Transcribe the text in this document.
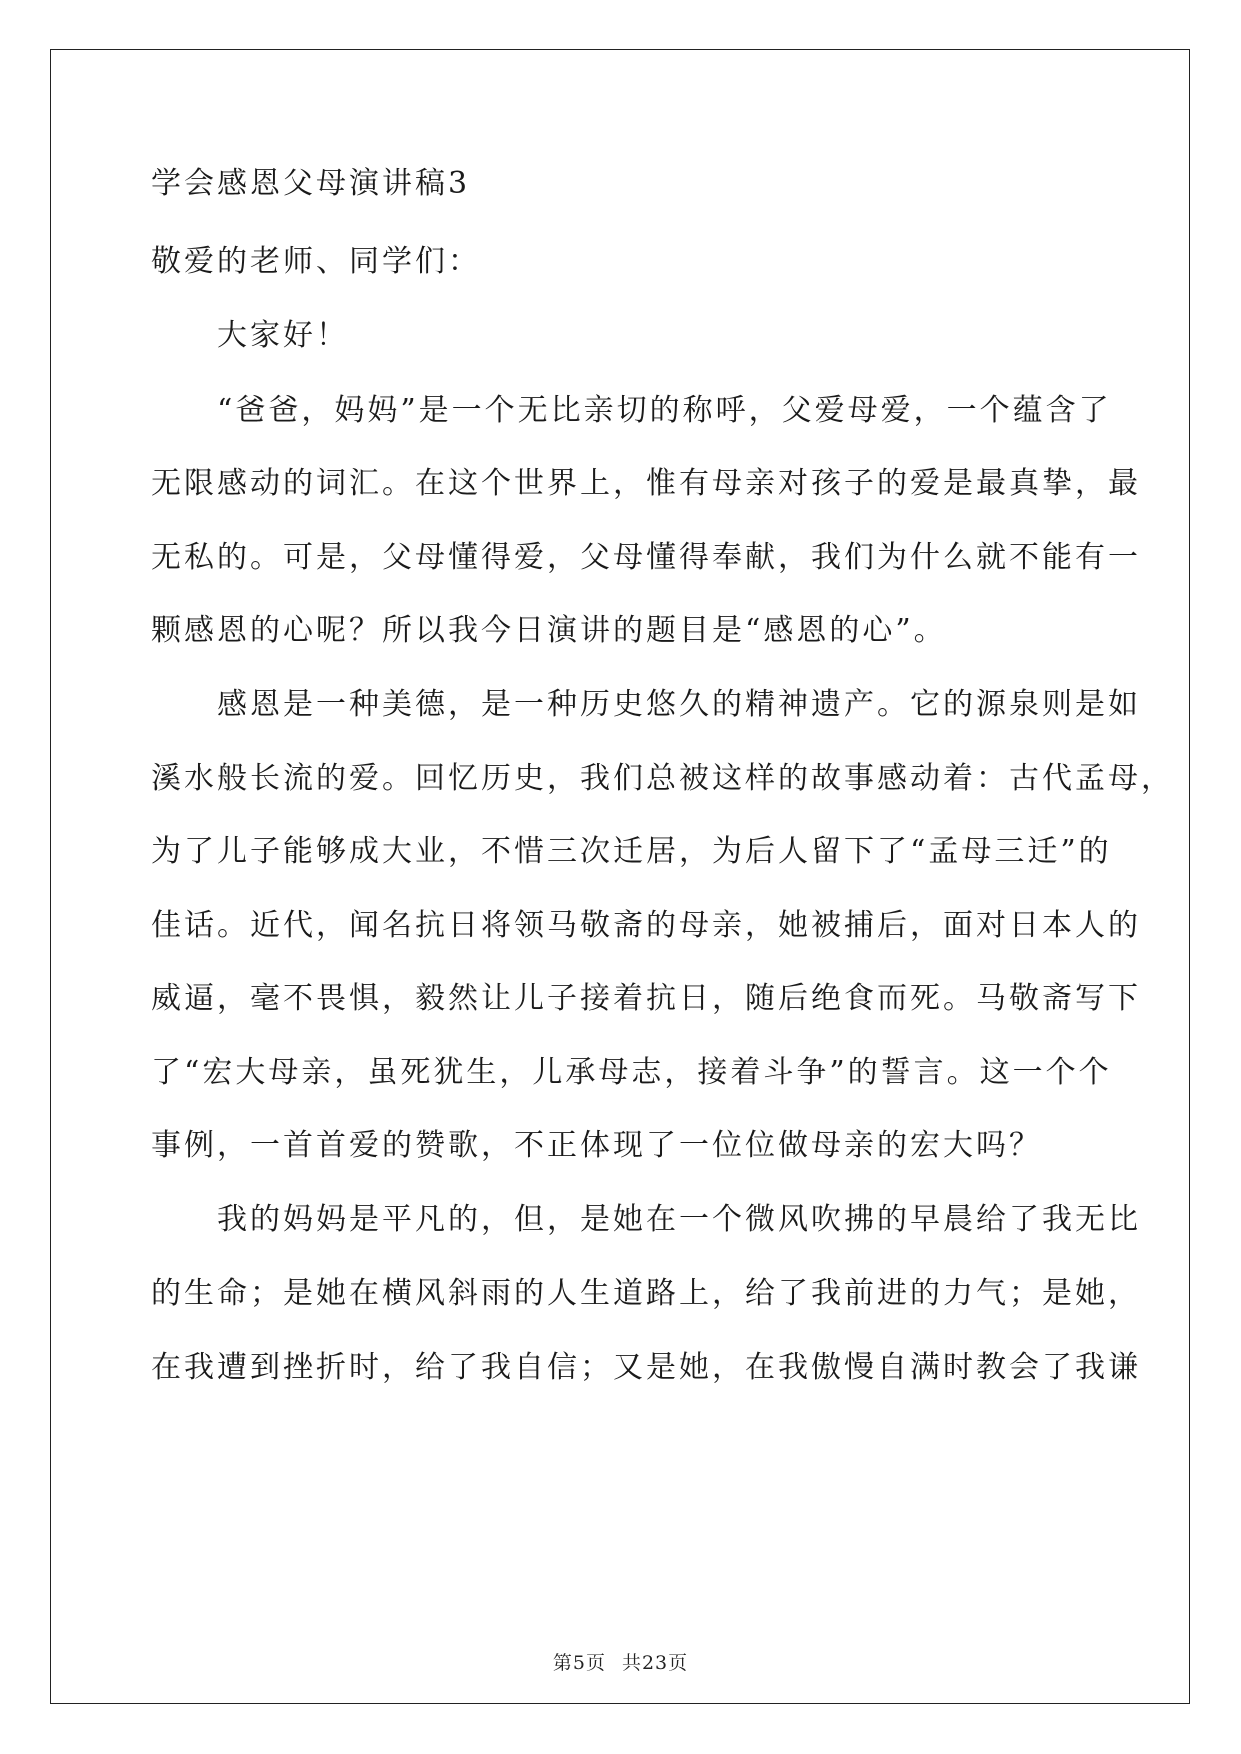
学会感恩父母演讲稿3
敬爱的老师、同学们：
　　大家好！
　　“爸爸，妈妈”是一个无比亲切的称呼，父爱母爱，一个蕴含了
无限感动的词汇。在这个世界上，惟有母亲对孩子的爱是最真挚，最
无私的。可是，父母懂得爱，父母懂得奉献，我们为什么就不能有一
颗感恩的心呢？所以我今日演讲的题目是“感恩的心”。
　　感恩是一种美德，是一种历史悠久的精神遗产。它的源泉则是如
溪水般长流的爱。回忆历史，我们总被这样的故事感动着：古代孟母，
为了儿子能够成大业，不惜三次迁居，为后人留下了“孟母三迁”的
佳话。近代，闻名抗日将领马敬斋的母亲，她被捕后，面对日本人的
威逼，毫不畏惧，毅然让儿子接着抗日，随后绝食而死。马敬斋写下
了“宏大母亲，虽死犹生，儿承母志，接着斗争”的誓言。这一个个
事例，一首首爱的赞歌，不正体现了一位位做母亲的宏大吗？
　　我的妈妈是平凡的，但，是她在一个微风吹拂的早晨给了我无比
的生命；是她在横风斜雨的人生道路上，给了我前进的力气；是她，
在我遭到挫折时，给了我自信；又是她，在我傲慢自满时教会了我谦
第5页 共23页
